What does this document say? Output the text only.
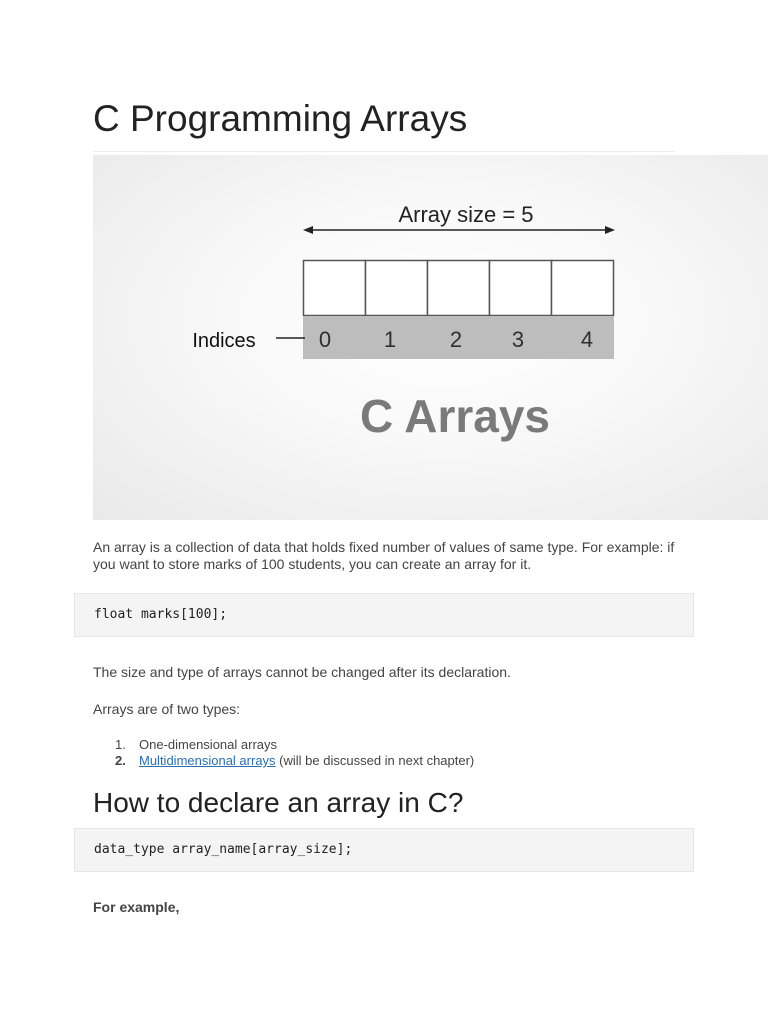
C Programming Arrays
Array size = 5
0 1 2 3	4
Indices
C Arrays

An array is a collection of data that holds fixed number of values of same type. For example: if you want to store marks of 100 students, you can create an array for it.

float marks[100];

The size and type of arrays cannot be changed after its declaration.

Arrays are of two types:

1. One-dimensional arrays
2. Multidimensional arrays (will be discussed in next chapter)
How to declare an array in C?
data_type array_name[array_size];

For example,
